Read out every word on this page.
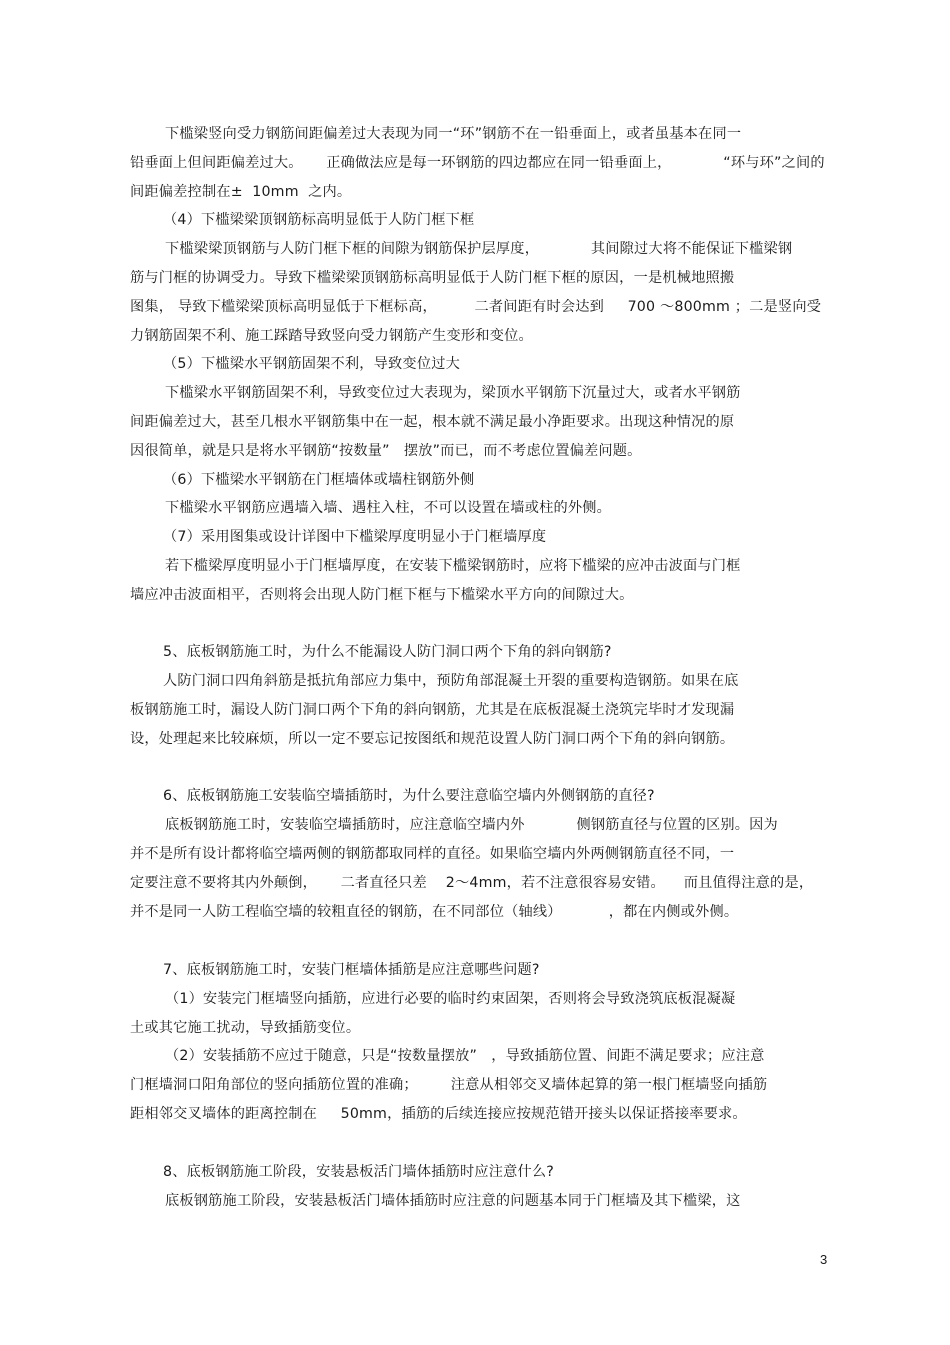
下槛梁竖向受力钢筋间距偏差过大表现为同一“环”钢筋不在一铅垂面上，或者虽基本在同一
铅垂面上但间距偏差过大。     正确做法应是每一环钢筋的四边都应在同一铅垂面上，           “环与环”之间的
间距偏差控制在±  10mm  之内。
（4）下槛梁梁顶钢筋标高明显低于人防门框下框
下槛梁梁顶钢筋与人防门框下框的间隙为钢筋保护层厚度，           其间隙过大将不能保证下槛梁钢
筋与门框的协调受力。导致下槛梁梁顶钢筋标高明显低于人防门框下框的原因，一是机械地照搬
图集， 导致下槛梁梁顶标高明显低于下框标高，        二者间距有时会达到     700 ～800mm ；二是竖向受
力钢筋固架不利、施工踩踏导致竖向受力钢筋产生变形和变位。
（5）下槛梁水平钢筋固架不利，导致变位过大
下槛梁水平钢筋固架不利，导致变位过大表现为，梁顶水平钢筋下沉量过大，或者水平钢筋
间距偏差过大，甚至几根水平钢筋集中在一起，根本就不满足最小净距要求。出现这种情况的原
因很简单，就是只是将水平钢筋“按数量”   摆放”而已，而不考虑位置偏差问题。
（6）下槛梁水平钢筋在门框墙体或墙柱钢筋外侧
下槛梁水平钢筋应遇墙入墙、遇柱入柱，不可以设置在墙或柱的外侧。
（7）采用图集或设计详图中下槛梁厚度明显小于门框墙厚度
若下槛梁厚度明显小于门框墙厚度，在安装下槛梁钢筋时，应将下槛梁的应冲击波面与门框
墙应冲击波面相平，否则将会出现人防门框下框与下槛梁水平方向的间隙过大。
5、底板钢筋施工时，为什么不能漏设人防门洞口两个下角的斜向钢筋?
人防门洞口四角斜筋是抵抗角部应力集中，预防角部混凝土开裂的重要构造钢筋。如果在底
板钢筋施工时，漏设人防门洞口两个下角的斜向钢筋，尤其是在底板混凝土浇筑完毕时才发现漏
设，处理起来比较麻烦，所以一定不要忘记按图纸和规范设置人防门洞口两个下角的斜向钢筋。
6、底板钢筋施工安装临空墙插筋时，为什么要注意临空墙内外侧钢筋的直径?
底板钢筋施工时，安装临空墙插筋时，应注意临空墙内外           侧钢筋直径与位置的区别。因为
并不是所有设计都将临空墙两侧的钢筋都取同样的直径。如果临空墙内外两侧钢筋直径不同，一
定要注意不要将其内外颠倒，     二者直径只差    2～4mm，若不注意很容易安错。    而且值得注意的是，
并不是同一人防工程临空墙的较粗直径的钢筋，在不同部位（轴线）          ，都在内侧或外侧。
7、底板钢筋施工时，安装门框墙体插筋是应注意哪些问题?
（1）安装完门框墙竖向插筋，应进行必要的临时约束固架，否则将会导致浇筑底板混凝凝
土或其它施工扰动，导致插筋变位。
（2）安装插筋不应过于随意，只是“按数量摆放”   ，导致插筋位置、间距不满足要求；应注意
门框墙洞口阳角部位的竖向插筋位置的准确；       注意从相邻交叉墙体起算的第一根门框墙竖向插筋
距相邻交叉墙体的距离控制在     50mm，插筋的后续连接应按规范错开接头以保证搭接率要求。
8、底板钢筋施工阶段，安装悬板活门墙体插筋时应注意什么?
底板钢筋施工阶段，安装悬板活门墙体插筋时应注意的问题基本同于门框墙及其下槛梁，这
3
